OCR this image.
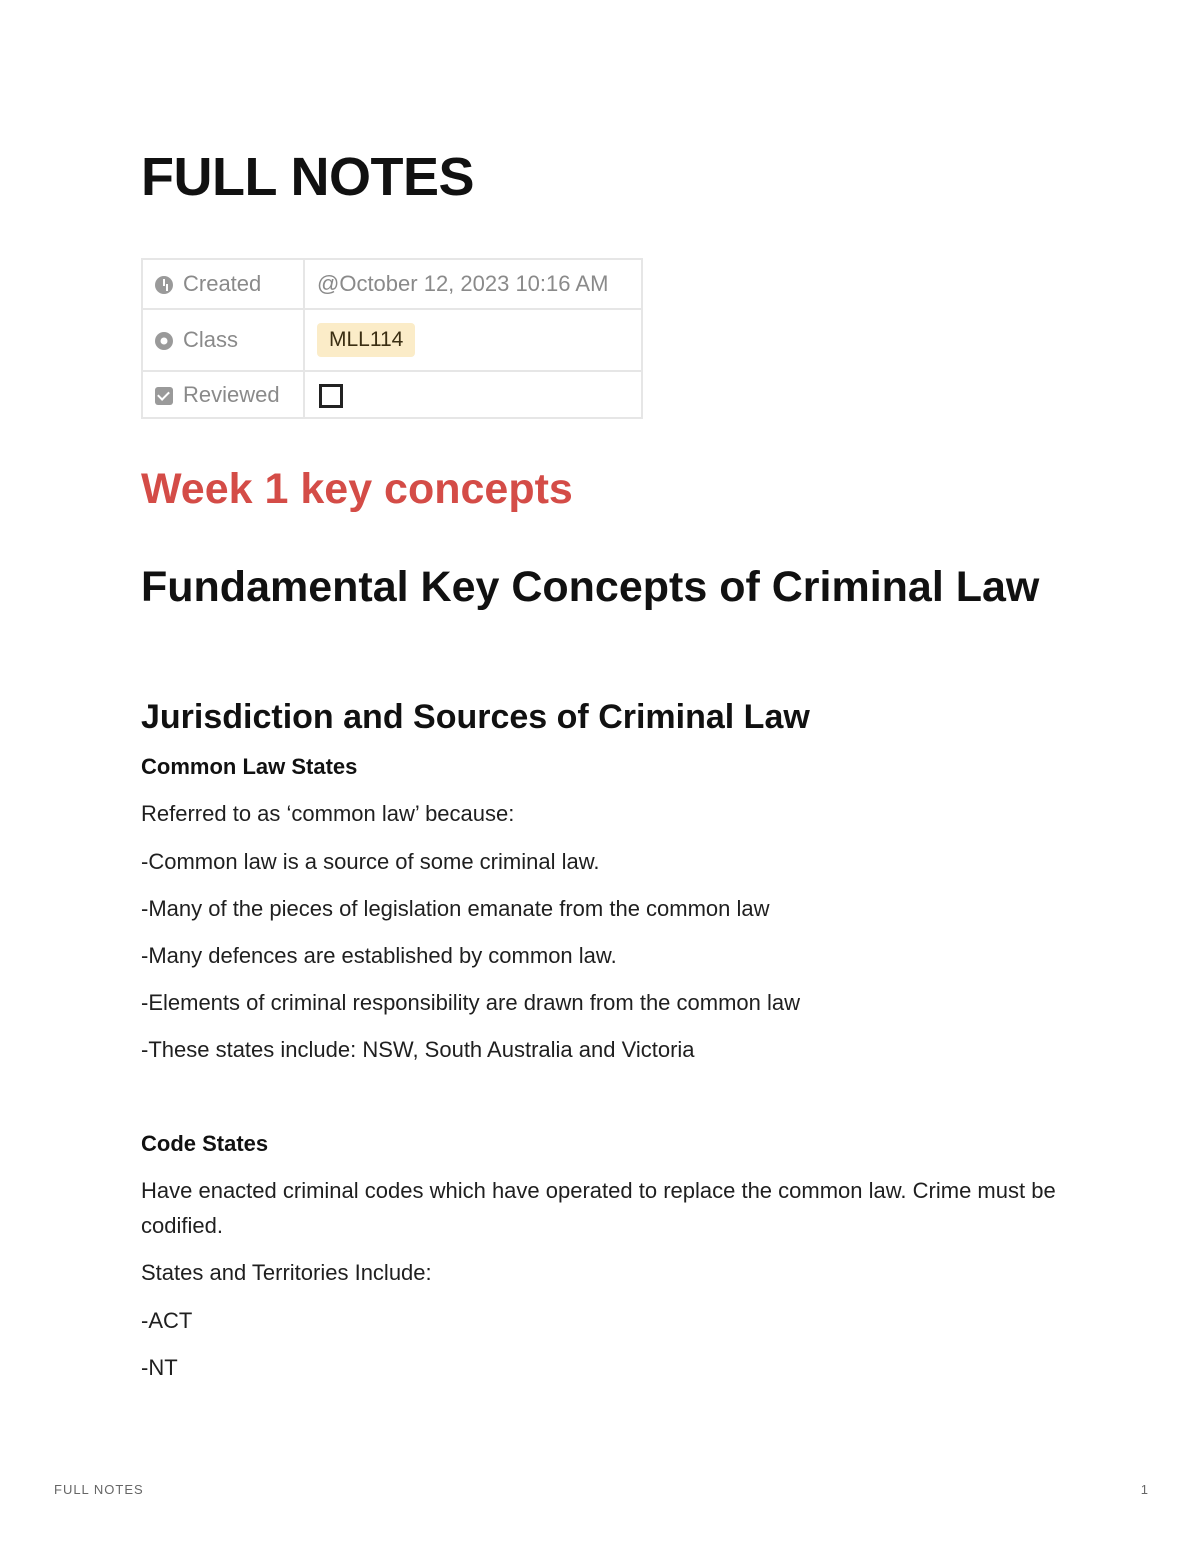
FULL NOTES
Created	@October 12, 2023 10:16 AM
Class	MLL114
Reviewed	
Week 1 key concepts
Fundamental Key Concepts of Criminal Law
Jurisdiction and Sources of Criminal Law
Common Law States
Referred to as ‘common law’ because:
-Common law is a source of some criminal law.
-Many of the pieces of legislation emanate from the common law
-Many defences are established by common law.
-Elements of criminal responsibility are drawn from the common law
-These states include: NSW, South Australia and Victoria
Code States
Have enacted criminal codes which have operated to replace the common law. Crime must be codified.
States and Territories Include:
-ACT
-NT
FULL NOTES	1
